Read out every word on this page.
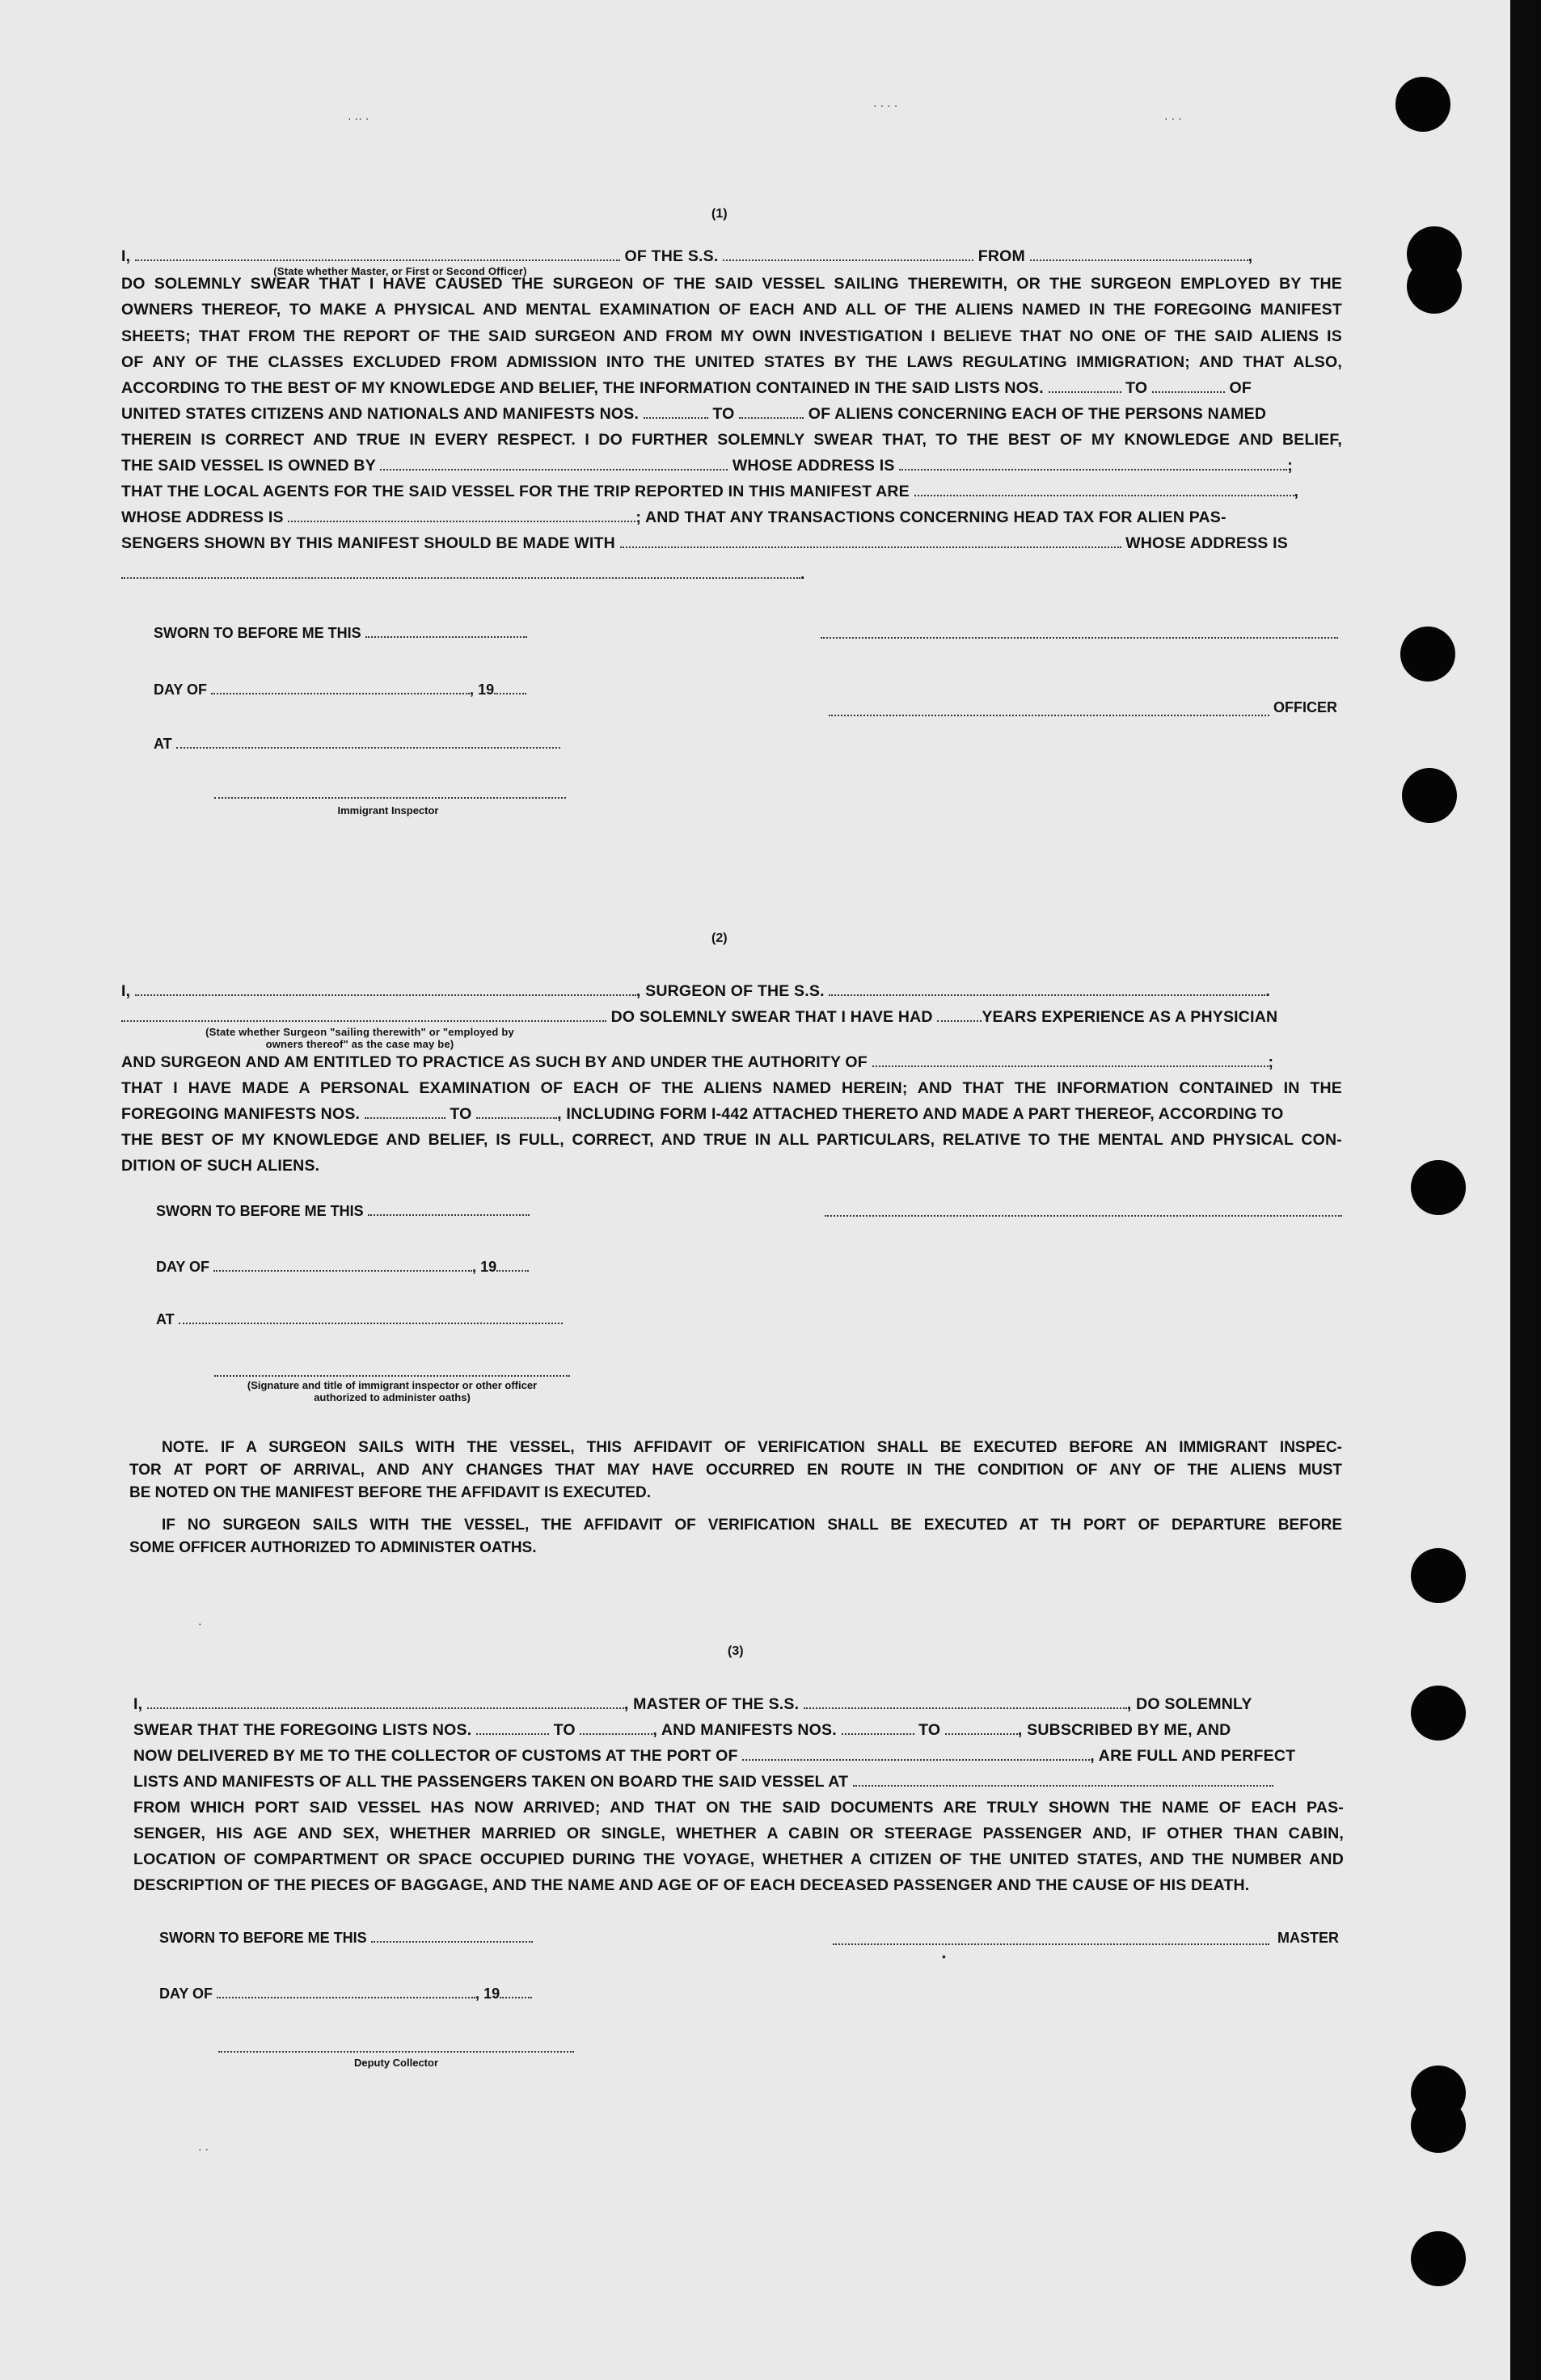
(1)
I,	OF THE S.S.	FROM	,
(State whether Master, or First or Second Officer)
DO SOLEMNLY SWEAR THAT I HAVE CAUSED THE SURGEON OF THE SAID VESSEL SAILING THEREWITH, OR THE SURGEON EMPLOYED BY THE
OWNERS THEREOF, TO MAKE A PHYSICAL AND MENTAL EXAMINATION OF EACH AND ALL OF THE ALIENS NAMED IN THE FOREGOING MANIFEST
SHEETS; THAT FROM THE REPORT OF THE SAID SURGEON AND FROM MY OWN INVESTIGATION I BELIEVE THAT NO ONE OF THE SAID ALIENS IS
OF ANY OF THE CLASSES EXCLUDED FROM ADMISSION INTO THE UNITED STATES BY THE LAWS REGULATING IMMIGRATION; AND THAT ALSO,
ACCORDING TO THE BEST OF MY KNOWLEDGE AND BELIEF, THE INFORMATION CONTAINED IN THE SAID LISTS NOS.	TO	OF
UNITED STATES CITIZENS AND NATIONALS AND MANIFESTS NOS.	TO	OF ALIENS CONCERNING EACH OF THE PERSONS NAMED
THEREIN IS CORRECT AND TRUE IN EVERY RESPECT. I DO FURTHER SOLEMNLY SWEAR THAT, TO THE BEST OF MY KNOWLEDGE AND BELIEF,
THE SAID VESSEL IS OWNED BY	WHOSE ADDRESS IS	;
THAT THE LOCAL AGENTS FOR THE SAID VESSEL FOR THE TRIP REPORTED IN THIS MANIFEST ARE	,
WHOSE ADDRESS IS	; AND THAT ANY TRANSACTIONS CONCERNING HEAD TAX FOR ALIEN PAS-
SENGERS SHOWN BY THIS MANIFEST SHOULD BE MADE WITH	WHOSE ADDRESS IS
.
SWORN TO BEFORE ME THIS
DAY OF	, 19
OFFICER
AT
Immigrant Inspector
(2)
I,	, SURGEON OF THE S.S.	.
DO SOLEMNLY SWEAR THAT I HAVE HAD	YEARS EXPERIENCE AS A PHYSICIAN
(State whether Surgeon "sailing therewith" or "employed by owners thereof" as the case may be)
AND SURGEON AND AM ENTITLED TO PRACTICE AS SUCH BY AND UNDER THE AUTHORITY OF	;
THAT I HAVE MADE A PERSONAL EXAMINATION OF EACH OF THE ALIENS NAMED HEREIN; AND THAT THE INFORMATION CONTAINED IN THE
FOREGOING MANIFESTS NOS.	TO	, INCLUDING FORM I-442 ATTACHED THERETO AND MADE A PART THEREOF, ACCORDING TO
THE BEST OF MY KNOWLEDGE AND BELIEF, IS FULL, CORRECT, AND TRUE IN ALL PARTICULARS, RELATIVE TO THE MENTAL AND PHYSICAL CON-
DITION OF SUCH ALIENS.
SWORN TO BEFORE ME THIS
DAY OF	, 19
AT
(Signature and title of immigrant inspector or other officer authorized to administer oaths)
NOTE. IF A SURGEON SAILS WITH THE VESSEL, THIS AFFIDAVIT OF VERIFICATION SHALL BE EXECUTED BEFORE AN IMMIGRANT INSPEC-
TOR AT PORT OF ARRIVAL, AND ANY CHANGES THAT MAY HAVE OCCURRED EN ROUTE IN THE CONDITION OF ANY OF THE ALIENS MUST
BE NOTED ON THE MANIFEST BEFORE THE AFFIDAVIT IS EXECUTED.
IF NO SURGEON SAILS WITH THE VESSEL, THE AFFIDAVIT OF VERIFICATION SHALL BE EXECUTED AT TH PORT OF DEPARTURE BEFORE
SOME OFFICER AUTHORIZED TO ADMINISTER OATHS.
(3)
I,	, MASTER OF THE S.S.	, DO SOLEMNLY
SWEAR THAT THE FOREGOING LISTS NOS.	TO	, AND MANIFESTS NOS.	TO	, SUBSCRIBED BY ME, AND
NOW DELIVERED BY ME TO THE COLLECTOR OF CUSTOMS AT THE PORT OF	, ARE FULL AND PERFECT
LISTS AND MANIFESTS OF ALL THE PASSENGERS TAKEN ON BOARD THE SAID VESSEL AT
FROM WHICH PORT SAID VESSEL HAS NOW ARRIVED; AND THAT ON THE SAID DOCUMENTS ARE TRULY SHOWN THE NAME OF EACH PAS-
SENGER, HIS AGE AND SEX, WHETHER MARRIED OR SINGLE, WHETHER A CABIN OR STEERAGE PASSENGER AND, IF OTHER THAN CABIN,
LOCATION OF COMPARTMENT OR SPACE OCCUPIED DURING THE VOYAGE, WHETHER A CITIZEN OF THE UNITED STATES, AND THE NUMBER AND
DESCRIPTION OF THE PIECES OF BAGGAGE, AND THE NAME AND AGE OF OF EACH DECEASED PASSENGER AND THE CAUSE OF HIS DEATH.
SWORN TO BEFORE ME THIS	MASTER
DAY OF	, 19
Deputy Collector
· ·· ·
· · · ·
· · ·
·
· ·
•
